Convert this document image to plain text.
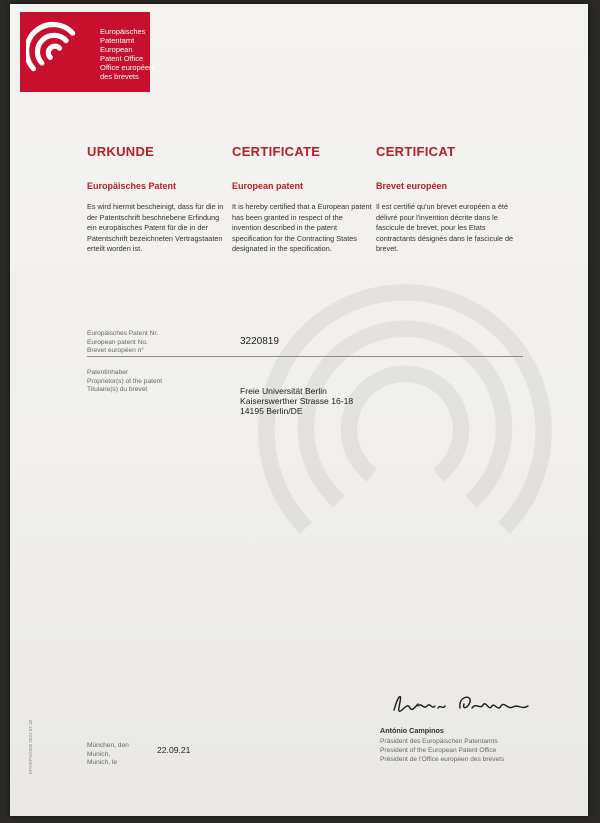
Europäisches
Patentamt
European
Patent Office
Office européen
des brevets
URKUNDE
Europäisches Patent

Es wird hiermit bescheinigt, dass für die in der Patentschrift beschriebene Erfindung ein europäisches Patent für die in der Patentschrift bezeichneten Vertragstaaten erteilt worden ist.

CERTIFICATE
European patent

It is hereby certified that a European patent has been granted in respect of the invention described in the patent specification for the Contracting States designated in the specification.

CERTIFICAT
Brevet européen

Il est certifié qu'un brevet européen a été délivré pour l'invention décrite dans le fascicule de brevet, pour les Etats contractants désignés dans le fascicule de brevet.

Europäisches Patent Nr.
European patent No.
Brevet européen n°
3220819
Patentinhaber
Proprietor(s) of the patent
Titulaire(s) du brevet	Freie Universität Berlin
Kaiserswerther Strasse 16-18
14195 Berlin/DE
München, den
Munich,
Munich, le
22.09.21
António Campinos
Präsident des Europäischen Patentamts
President of the European Patent Office
Président de l'Office européen des brevets
EPA/EPO/OEB 2031 07.18
